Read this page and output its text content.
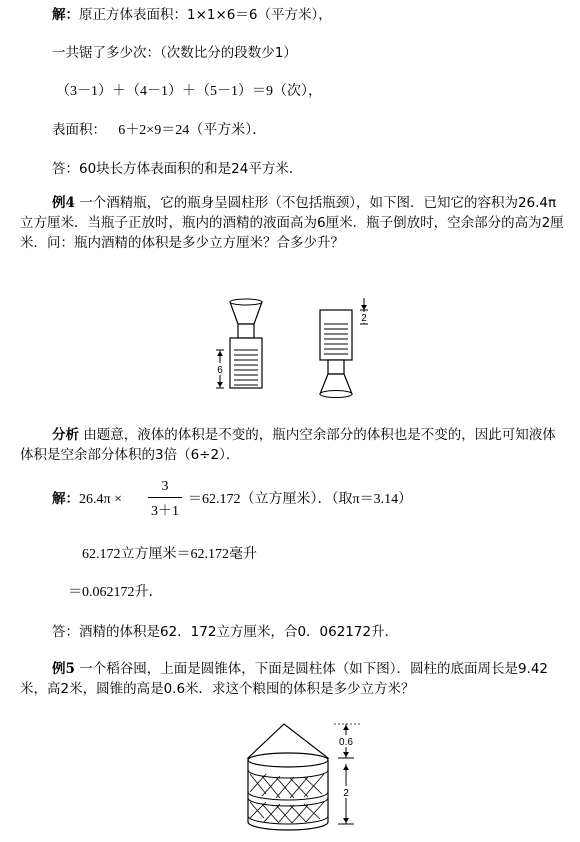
解：原正方体表面积：1×1×6＝6（平方米），
一共锯了多少次：（次数比分的段数少1）
（3－1）＋（4－1）＋（5－1）＝9（次），
表面积： 6＋2×9＝24（平方米）．
答：60块长方体表面积的和是24平方米．
例4 一个酒精瓶，它的瓶身呈圆柱形（不包括瓶颈），如下图．已知它的容积为26.4π立方厘米．当瓶子正放时，瓶内的酒精的液面高为6厘米．瓶子倒放时，空余部分的高为2厘米．问：瓶内酒精的体积是多少立方厘米？合多少升？
6
2
分析 由题意，液体的体积是不变的，瓶内空余部分的体积也是不变的，因此可知液体体积是空余部分体积的3倍（6÷2）．
解：26.4π ×
3
3＋1
＝62.172（立方厘米）．（取π＝3.14）
62.172立方厘米＝62.172毫升
＝0.062172升．
答：酒精的体积是62．172立方厘米，合0．062172升．
例5 一个稻谷囤，上面是圆锥体，下面是圆柱体（如下图）．圆柱的底面周长是9.42米，高2米，圆锥的高是0.6米．求这个粮囤的体积是多少立方米？
0.6
2
